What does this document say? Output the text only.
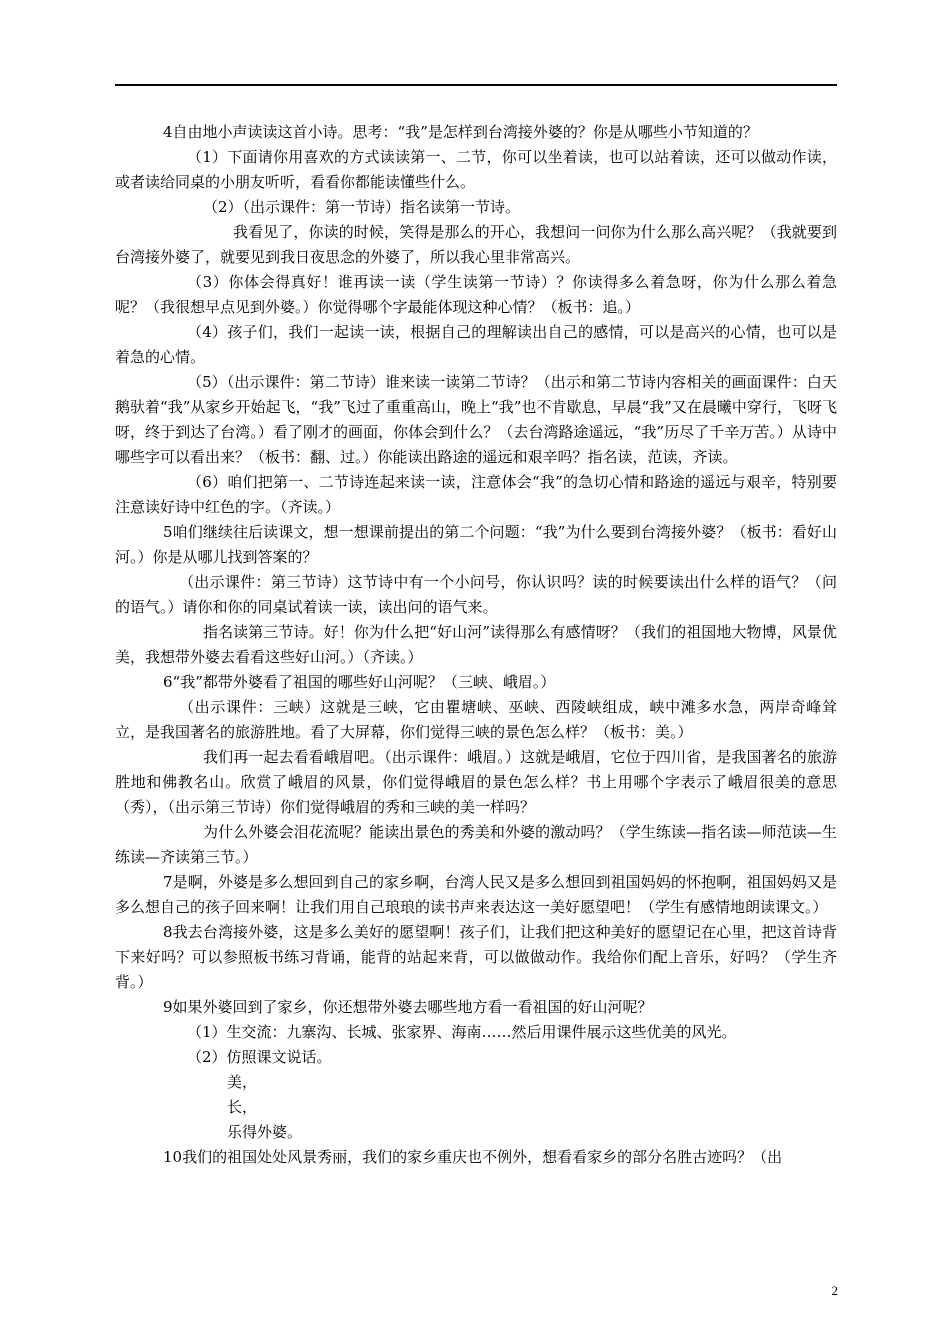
4自由地小声读读这首小诗。思考：“我”是怎样到台湾接外婆的？你是从哪些小节知道的？

（1）下面请你用喜欢的方式读读第一、二节，你可以坐着读，也可以站着读，还可以做动作读，或者读给同桌的小朋友听听，看看你都能读懂些什么。

（2）（出示课件：第一节诗）指名读第一节诗。

我看见了，你读的时候，笑得是那么的开心，我想问一问你为什么那么高兴呢？（我就要到台湾接外婆了，就要见到我日夜思念的外婆了，所以我心里非常高兴。

（3）你体会得真好！谁再读一读（学生读第一节诗）？你读得多么着急呀，你为什么那么着急呢？（我很想早点见到外婆。）你觉得哪个字最能体现这种心情？（板书：追。）

（4）孩子们，我们一起读一读，根据自己的理解读出自己的感情，可以是高兴的心情，也可以是着急的心情。

（5）（出示课件：第二节诗）谁来读一读第二节诗？（出示和第二节诗内容相关的画面课件：白天鹅驮着“我”从家乡开始起飞，“我”飞过了重重高山，晚上“我”也不肯歇息，早晨“我”又在晨曦中穿行，飞呀飞呀，终于到达了台湾。）看了刚才的画面，你体会到什么？（去台湾路途遥远，“我”历尽了千辛万苦。）从诗中哪些字可以看出来？（板书：翻、过。）你能读出路途的遥远和艰辛吗？指名读，范读，齐读。

（6）咱们把第一、二节诗连起来读一读，注意体会“我”的急切心情和路途的遥远与艰辛，特别要注意读好诗中红色的字。（齐读。）

5咱们继续往后读课文，想一想课前提出的第二个问题：“我”为什么要到台湾接外婆？（板书：看好山河。）你是从哪儿找到答案的？

（出示课件：第三节诗）这节诗中有一个小问号，你认识吗？读的时候要读出什么样的语气？（问的语气。）请你和你的同桌试着读一读，读出问的语气来。

指名读第三节诗。好！你为什么把“好山河”读得那么有感情呀？（我们的祖国地大物博，风景优美，我想带外婆去看看这些好山河。）（齐读。）

6“我”都带外婆看了祖国的哪些好山河呢？（三峡、峨眉。）

（出示课件：三峡）这就是三峡，它由瞿塘峡、巫峡、西陵峡组成，峡中滩多水急，两岸奇峰耸立，是我国著名的旅游胜地。看了大屏幕，你们觉得三峡的景色怎么样？（板书：美。）

我们再一起去看看峨眉吧。（出示课件：峨眉。）这就是峨眉，它位于四川省，是我国著名的旅游胜地和佛教名山。欣赏了峨眉的风景，你们觉得峨眉的景色怎么样？书上用哪个字表示了峨眉很美的意思（秀），（出示第三节诗）你们觉得峨眉的秀和三峡的美一样吗？

为什么外婆会泪花流呢？能读出景色的秀美和外婆的激动吗？（学生练读—指名读—师范读—生练读—齐读第三节。）

7是啊，外婆是多么想回到自己的家乡啊，台湾人民又是多么想回到祖国妈妈的怀抱啊，祖国妈妈又是多么想自己的孩子回来啊！让我们用自己琅琅的读书声来表达这一美好愿望吧！（学生有感情地朗读课文。）

8我去台湾接外婆，这是多么美好的愿望啊！孩子们，让我们把这种美好的愿望记在心里，把这首诗背下来好吗？可以参照板书练习背诵，能背的站起来背，可以做做动作。我给你们配上音乐，好吗？（学生齐背。）

9如果外婆回到了家乡，你还想带外婆去哪些地方看一看祖国的好山河呢？

（1）生交流：九寨沟、长城、张家界、海南……然后用课件展示这些优美的风光。

（2）仿照课文说话。

美，

长，

乐得外婆。

10我们的祖国处处风景秀丽，我们的家乡重庆也不例外，想看看家乡的部分名胜古迹吗？（出

2
